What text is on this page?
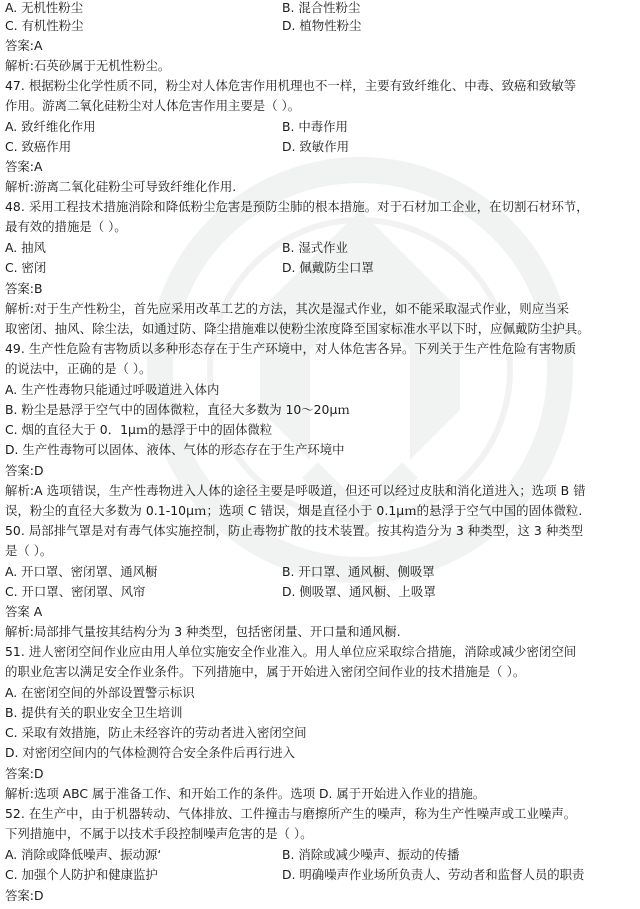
A. 无机性粉尘	B. 混合性粉尘
C. 有机性粉尘	D. 植物性粉尘
答案:A
解析:石英砂属于无机性粉尘。
47. 根据粉尘化学性质不同，粉尘对人体危害作用机理也不一样，主要有致纤维化、中毒、致癌和致敏等
作用。游离二氧化硅粉尘对人体危害作用主要是（ ）。
A. 致纤维化作用	B. 中毒作用
C. 致癌作用	D. 致敏作用
答案:A
解析:游离二氧化硅粉尘可导致纤维化作用.
48. 采用工程技术措施消除和降低粉尘危害是预防尘肺的根本措施。对于石材加工企业，在切割石材环节，
最有效的措施是（ ）。
A. 抽风	B. 湿式作业
C. 密闭	D. 佩戴防尘口罩
答案:B
解析:对于生产性粉尘，首先应采用改革工艺的方法，其次是湿式作业，如不能采取湿式作业，则应当采
取密闭、抽风、除尘法，如通过防、降尘措施难以使粉尘浓度降至国家标准水平以下时，应佩戴防尘护具。
49. 生产性危险有害物质以多种形态存在于生产环境中，对人体危害各异。下列关于生产性危险有害物质
的说法中，正确的是（ ）。
A. 生产性毒物只能通过呼吸道进入体内
B. 粉尘是悬浮于空气中的固体微粒，直径大多数为 10～20μｍ
C. 烟的直径大于 0．1μｍ的悬浮于中的固体微粒
D. 生产性毒物可以固体、液体、气体的形态存在于生产环境中
答案:D
解析:A 选项错误，生产性毒物进入人体的途径主要是呼吸道，但还可以经过皮肤和消化道进入；选项 B 错
误，粉尘的直径大多数为 0.1-10μｍ；选项 C 错误，烟是直径小于 0.1μｍ的悬浮于空气中国的固体微粒.
50. 局部排气罩是对有毒气体实施控制，防止毒物扩散的技术装置。按其构造分为 3 种类型，这 3 种类型
是（ ）。
A. 开口罩、密闭罩、通风橱	B. 开口罩、通风橱、侧吸罩
C. 开口罩、密闭罩、风帘	D. 侧吸罩、通风橱、上吸罩
答案 A
解析:局部排气量按其结构分为 3 种类型，包括密闭量、开口量和通风橱.
51. 进人密闭空间作业应由用人单位实施安全作业准入。用人单位应采取综合措施，消除或减少密闭空间
的职业危害以满足安全作业条件。下列措施中，属于开始进入密闭空间作业的技术措施是（ ）。
A. 在密闭空间的外部设置警示标识
B. 提供有关的职业安全卫生培训
C. 采取有效措施，防止未经容许的劳动者进入密闭空间
D. 对密闭空间内的气体检测符合安全条件后再行进入
答案:D
解析:选项 ABC 属于准备工作、和开始工作的条件。选项 D. 属于开始进入作业的措施。
52. 在生产中，由于机器转动、气体排放、工件撞击与磨擦所产生的噪声，称为生产性噪声或工业噪声。
下列措施中，不属于以技术手段控制噪声危害的是（ ）。
A. 消除或降低噪声、振动源‘	B. 消除或减少噪声、振动的传播
C. 加强个人防护和健康监护	D. 明确噪声作业场所负责人、劳动者和监督人员的职责
答案:D
